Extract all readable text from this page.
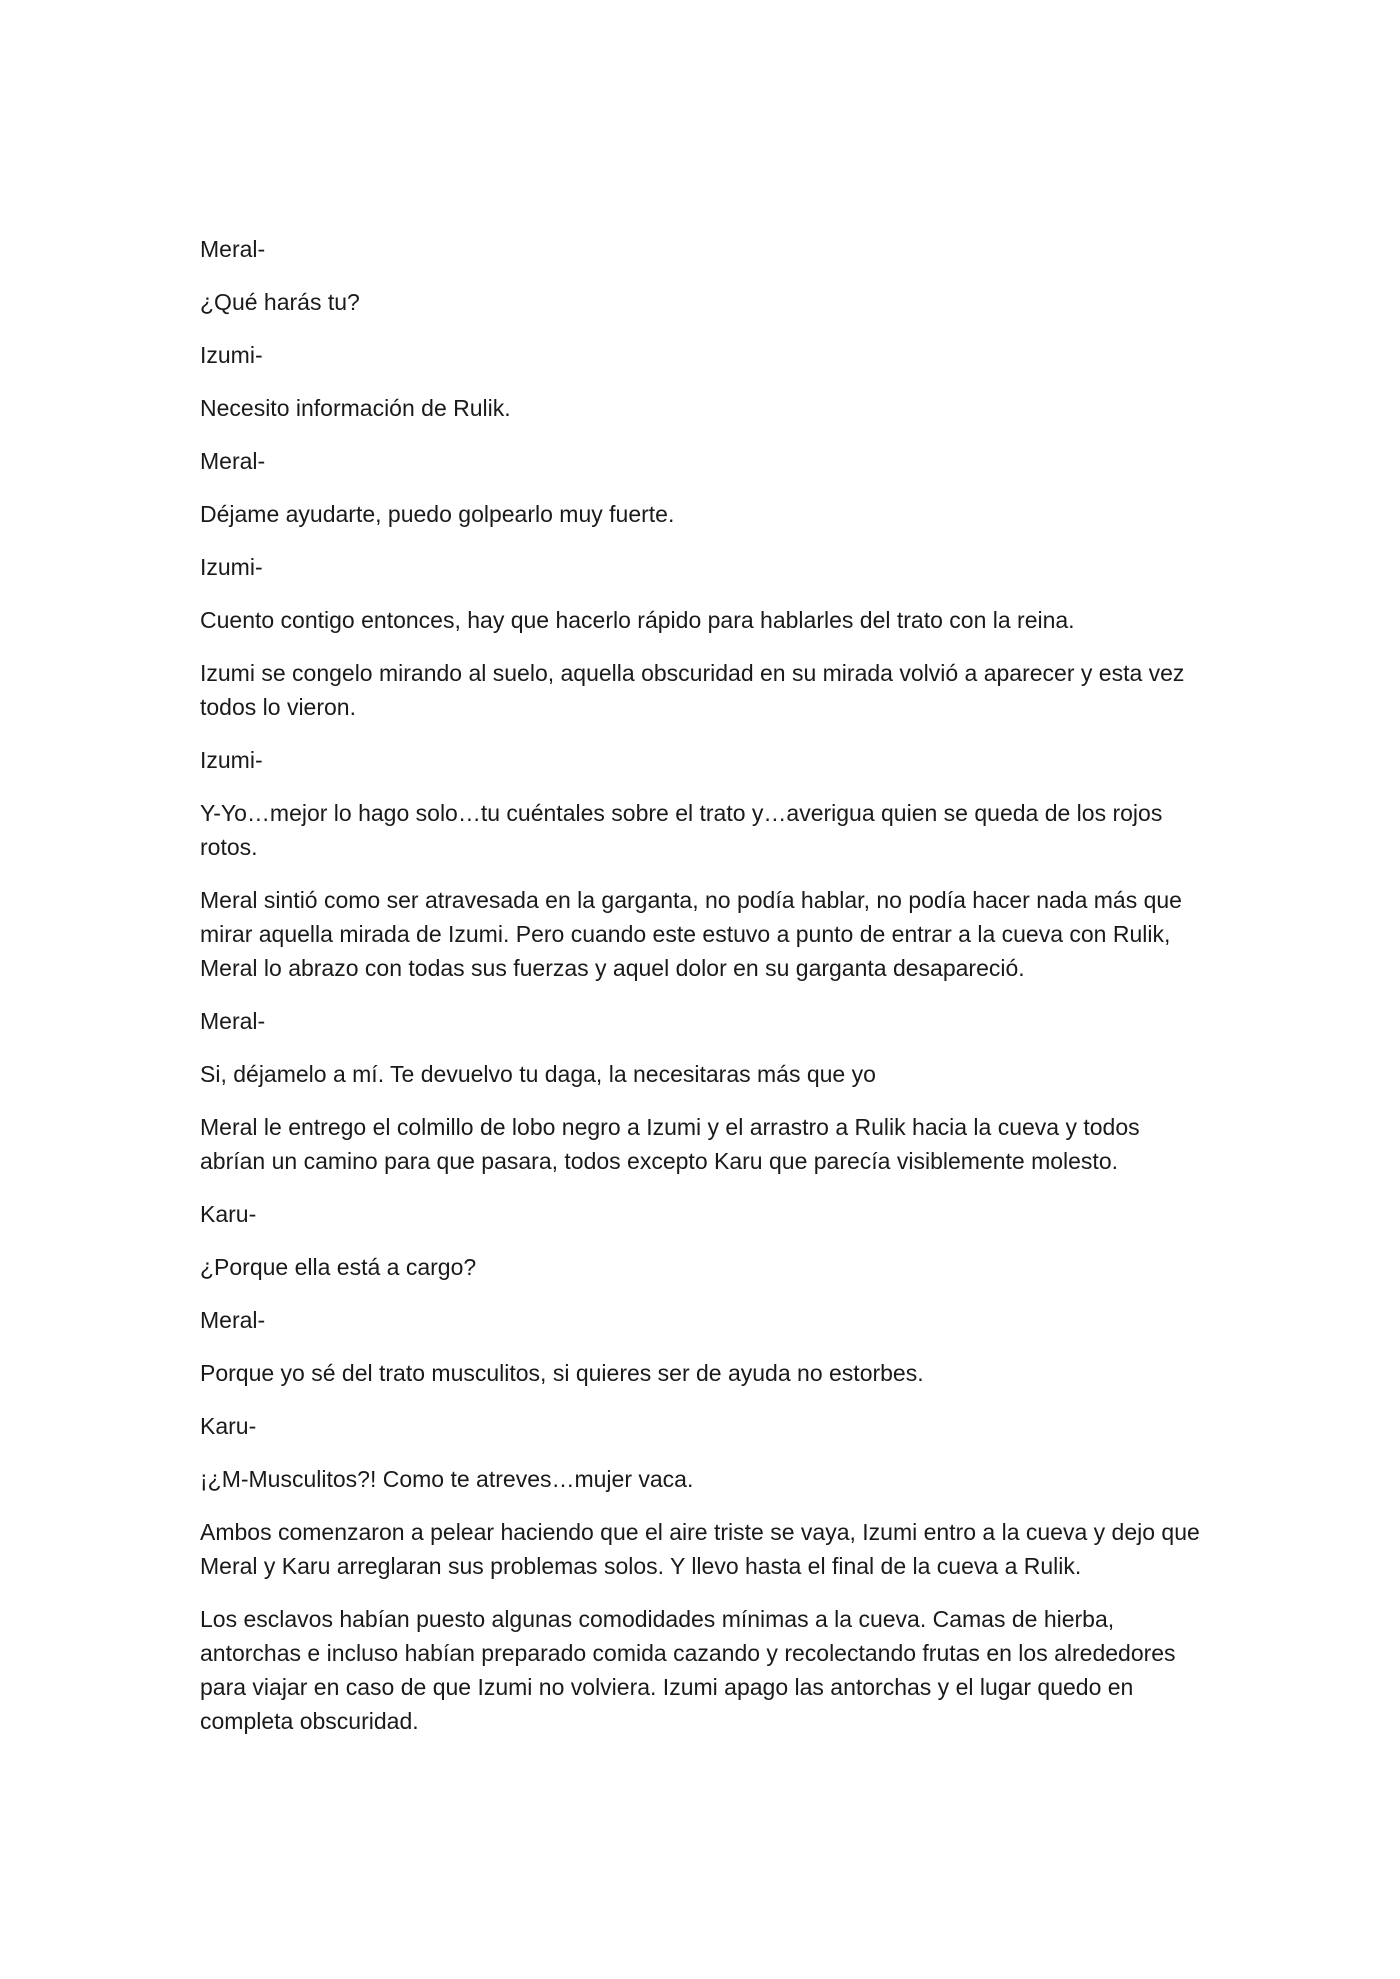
Meral-

¿Qué harás tu?

Izumi-

Necesito información de Rulik.

Meral-

Déjame ayudarte, puedo golpearlo muy fuerte.

Izumi-

Cuento contigo entonces, hay que hacerlo rápido para hablarles del trato con la reina.

Izumi se congelo mirando al suelo, aquella obscuridad en su mirada volvió a aparecer y esta vez todos lo vieron.

Izumi-

Y-Yo…mejor lo hago solo…tu cuéntales sobre el trato y…averigua quien se queda de los rojos rotos.

Meral sintió como ser atravesada en la garganta, no podía hablar, no podía hacer nada más que mirar aquella mirada de Izumi. Pero cuando este estuvo a punto de entrar a la cueva con Rulik, Meral lo abrazo con todas sus fuerzas y aquel dolor en su garganta desapareció.

Meral-

Si, déjamelo a mí. Te devuelvo tu daga, la necesitaras más que yo

Meral le entrego el colmillo de lobo negro a Izumi y el arrastro a Rulik hacia la cueva y todos abrían un camino para que pasara, todos excepto Karu que parecía visiblemente molesto.

Karu-

¿Porque ella está a cargo?

Meral-

Porque yo sé del trato musculitos, si quieres ser de ayuda no estorbes.

Karu-

¡¿M-Musculitos?! Como te atreves…mujer vaca.

Ambos comenzaron a pelear haciendo que el aire triste se vaya, Izumi entro a la cueva y dejo que Meral y Karu arreglaran sus problemas solos. Y llevo hasta el final de la cueva a Rulik.

Los esclavos habían puesto algunas comodidades mínimas a la cueva. Camas de hierba, antorchas e incluso habían preparado comida cazando y recolectando frutas en los alrededores para viajar en caso de que Izumi no volviera. Izumi apago las antorchas y el lugar quedo en completa obscuridad.
